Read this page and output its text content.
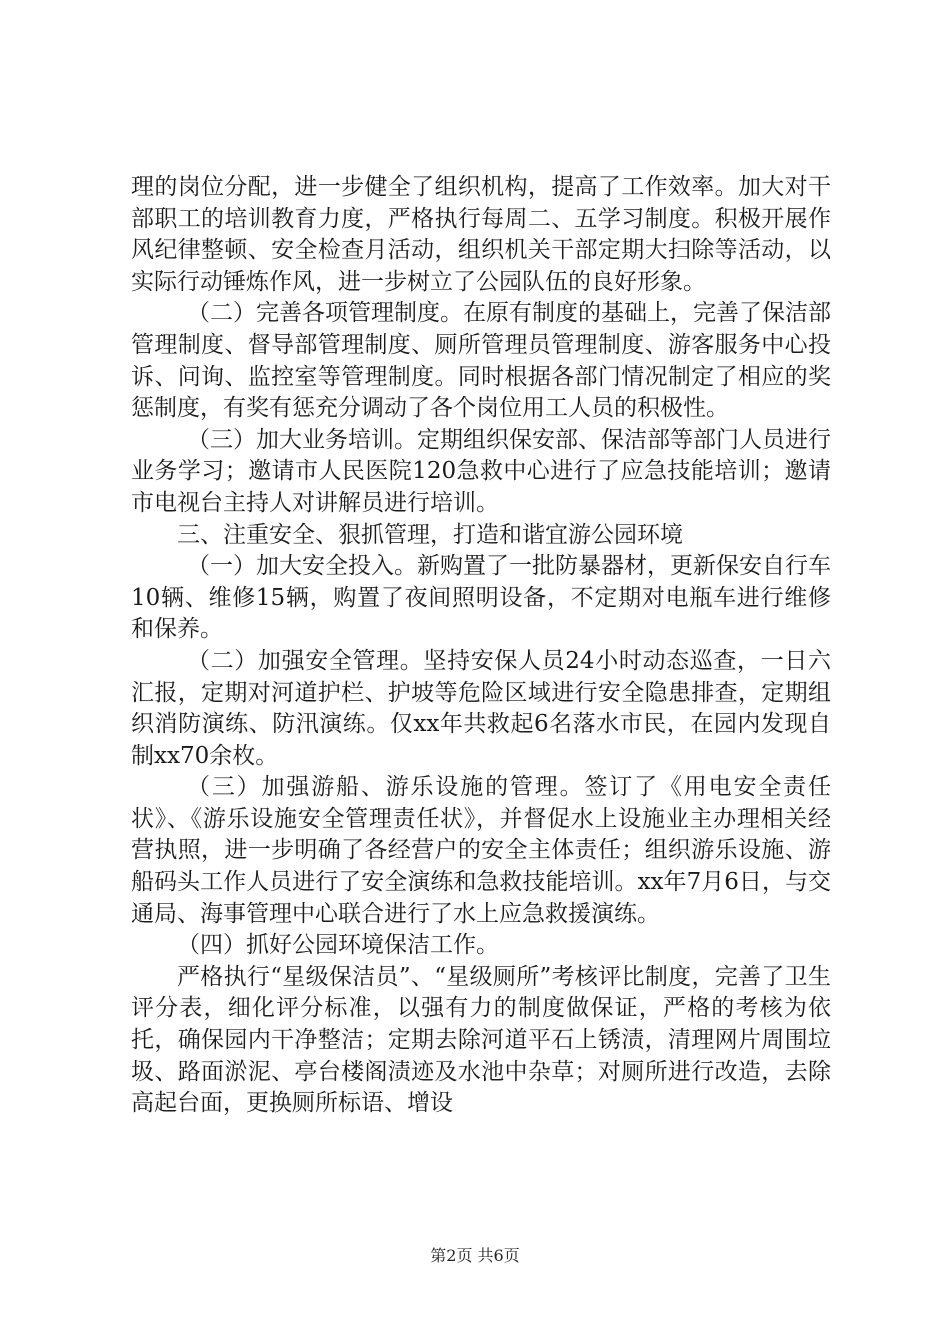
理的岗位分配，进一步健全了组织机构，提高了工作效率。加大对干部职工的培训教育力度，严格执行每周二、五学习制度。积极开展作风纪律整顿、安全检查月活动，组织机关干部定期大扫除等活动，以实际行动锤炼作风，进一步树立了公园队伍的良好形象。

（二）完善各项管理制度。在原有制度的基础上，完善了保洁部管理制度、督导部管理制度、厕所管理员管理制度、游客服务中心投诉、问询、监控室等管理制度。同时根据各部门情况制定了相应的奖惩制度，有奖有惩充分调动了各个岗位用工人员的积极性。

（三）加大业务培训。定期组织保安部、保洁部等部门人员进行业务学习；邀请市人民医院120急救中心进行了应急技能培训；邀请市电视台主持人对讲解员进行培训。

三、注重安全、狠抓管理，打造和谐宜游公园环境

（一）加大安全投入。新购置了一批防暴器材，更新保安自行车10辆、维修15辆，购置了夜间照明设备，不定期对电瓶车进行维修和保养。

（二）加强安全管理。坚持安保人员24小时动态巡查，一日六汇报，定期对河道护栏、护坡等危险区域进行安全隐患排查，定期组织消防演练、防汛演练。仅xx年共救起6名落水市民，在园内发现自制xx70余枚。

（三）加强游船、游乐设施的管理。签订了《用电安全责任状》、《游乐设施安全管理责任状》，并督促水上设施业主办理相关经营执照，进一步明确了各经营户的安全主体责任；组织游乐设施、游船码头工作人员进行了安全演练和急救技能培训。xx年7月6日，与交通局、海事管理中心联合进行了水上应急救援演练。

（四）抓好公园环境保洁工作。

严格执行“星级保洁员”、“星级厕所”考核评比制度，完善了卫生评分表，细化评分标准，以强有力的制度做保证，严格的考核为依托，确保园内干净整洁；定期去除河道平石上锈渍，清理网片周围垃圾、路面淤泥、亭台楼阁渍迹及水池中杂草；对厕所进行改造，去除高起台面，更换厕所标语、增设

第2页 共6页
